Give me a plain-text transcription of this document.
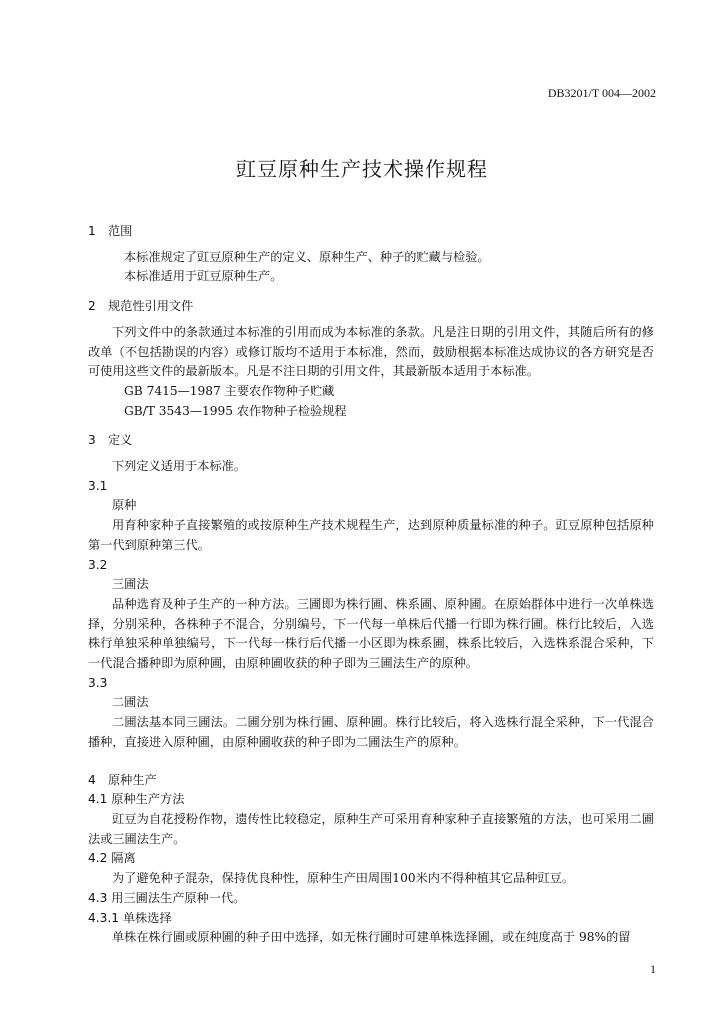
DB3201/T 004—2002
豇豆原种生产技术操作规程
1 范围
本标准规定了豇豆原种生产的定义、原种生产、种子的贮藏与检验。
本标准适用于豇豆原种生产。
2 规范性引用文件
下列文件中的条款通过本标准的引用而成为本标准的条款。凡是注日期的引用文件，其随后所有的修改单（不包括勘误的内容）或修订版均不适用于本标准，然而，鼓励根据本标准达成协议的各方研究是否可使用这些文件的最新版本。凡是不注日期的引用文件，其最新版本适用于本标准。
GB 7415—1987 主要农作物种子贮藏
GB/T 3543—1995 农作物种子检验规程
3 定义
下列定义适用于本标准。
3.1
原种
用育种家种子直接繁殖的或按原种生产技术规程生产，达到原种质量标准的种子。豇豆原种包括原种第一代到原种第三代。
3.2
三圃法
品种选育及种子生产的一种方法。三圃即为株行圃、株系圃、原种圃。在原始群体中进行一次单株选择，分别采种，各株种子不混合，分别编号，下一代每一单株后代播一行即为株行圃。株行比较后，入选株行单独采种单独编号，下一代每一株行后代播一小区即为株系圃，株系比较后，入选株系混合采种，下一代混合播种即为原种圃，由原种圃收获的种子即为三圃法生产的原种。
3.3
二圃法
二圃法基本同三圃法。二圃分别为株行圃、原种圃。株行比较后，将入选株行混全采种，下一代混合播种，直接进入原种圃，由原种圃收获的种子即为二圃法生产的原种。
4 原种生产
4.1 原种生产方法
豇豆为自花授粉作物，遗传性比较稳定，原种生产可采用育种家种子直接繁殖的方法，也可采用二圃法或三圃法生产。
4.2 隔离
为了避免种子混杂，保持优良种性，原种生产田周围100米内不得种植其它品种豇豆。
4.3 用三圃法生产原种一代。
4.3.1 单株选择
单株在株行圃或原种圃的种子田中选择，如无株行圃时可建单株选择圃，或在纯度高于 98%的留
1
